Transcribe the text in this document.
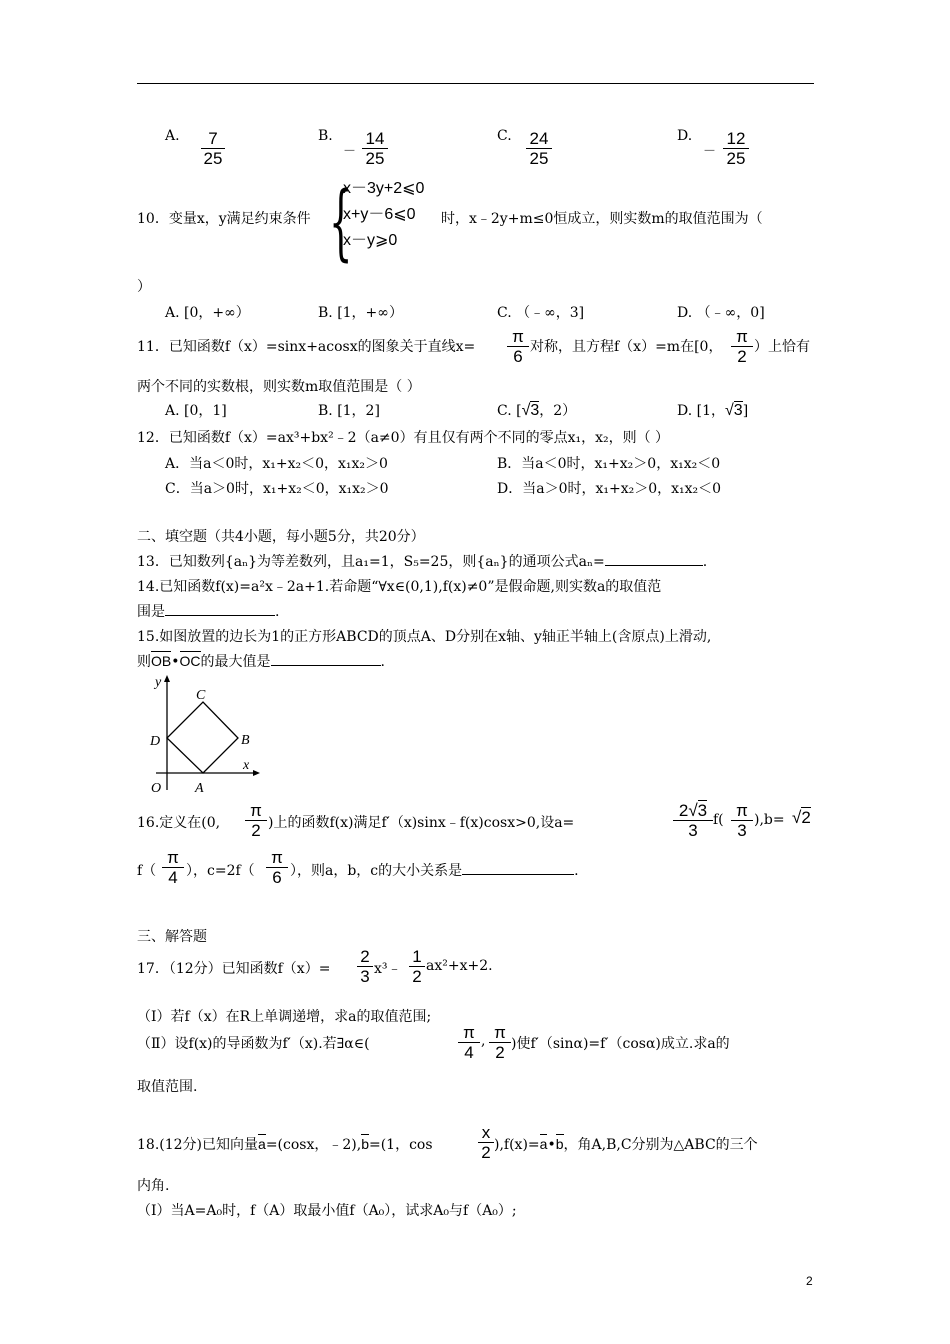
A. $\frac{7}{25}$	B.
－ $\frac{14}{25}$	C. $\frac{24}{25}$	D.
－ $\frac{12}{25}$
10．变量x，y满足约束条件 {
x－3y+2⩽0
x+y－6⩽0
x－y⩾0
时，x﹣2y+m≤0恒成立，则实数m的取值范围为（
）
A. [0，+∞）	B. [1，+∞）	C. （﹣∞，3]	D. （﹣∞，0]
11．已知函数f（x）=sinx+acosx的图象关于直线$x= \frac{\pi}{6}$ 对称，且方程f（x）=m在[0， $\frac{\pi}{2}$ ）上恰有
两个不同的实数根，则实数m取值范围是（ ）
A. [0，1]	B. [1，2]	C. [√3，2）	D. [1，√3]
12．已知函数f（x）=ax³+bx²﹣2（a≠0）有且仅有两个不同的零点x₁，x₂，则（ ）
A．当a＜0时，x₁+x₂＜0，x₁x₂＞0	B．当a＜0时，x₁+x₂＞0，x₁x₂＜0
C．当a＞0时，x₁+x₂＜0，x₁x₂＞0	D．当a＞0时，x₁+x₂＞0，x₁x₂＜0
二、填空题（共4小题，每小题5分，共20分）
13．已知数列{aₙ}为等差数列，且a₁=1，S₅=25，则{aₙ}的通项公式aₙ=	.
14.已知函数f(x)=a²x﹣2a+1.若命题“∀x∈(0,1),f(x)≠0”是假命题,则实数a的取值范
围是	.
15.如图放置的边长为1的正方形ABCD的顶点A、D分别在x轴、y轴正半轴上(含原点)上滑动,
则OB•OC的最大值是	.
y
x
C
D	B
O A
16.定义在(0, $\frac{\pi}{2}$ )上的函数f(x)满足f′（x)sinx﹣f(x)cosx>0,设a=	$\frac{2√3}{3} f( \frac{\pi}{3} ),b= √2$
$f( \frac{\pi}{4}$ ），$c=2f( \frac{\pi}{6}$ ），则a，b，c的大小关系是	.
三、解答题
17．（12分）已知函数$f(x)= \frac{2}{3}$ x³﹣ $\frac{1}{2} ax^2+x+2$.
（Ⅰ）若f（x）在R上单调递增，求a的取值范围;
（Ⅱ）设f(x)的导函数为f′（x).若∃α∈(	$\frac{\pi}{4}$ , $\frac{\pi}{2}$ )使f′（sinα)=f′（cosα)成立.求a的
取值范围.
18.(12分)已知向量a=(cosx，﹣2),b=(1，cos	$\frac{x}{2}$ ),f(x)=a•b，角A,B,C分别为△ABC的三个
内角.
（Ⅰ）当A=A₀时，f（A）取最小值f（A₀），试求A₀与f（A₀）;
2
